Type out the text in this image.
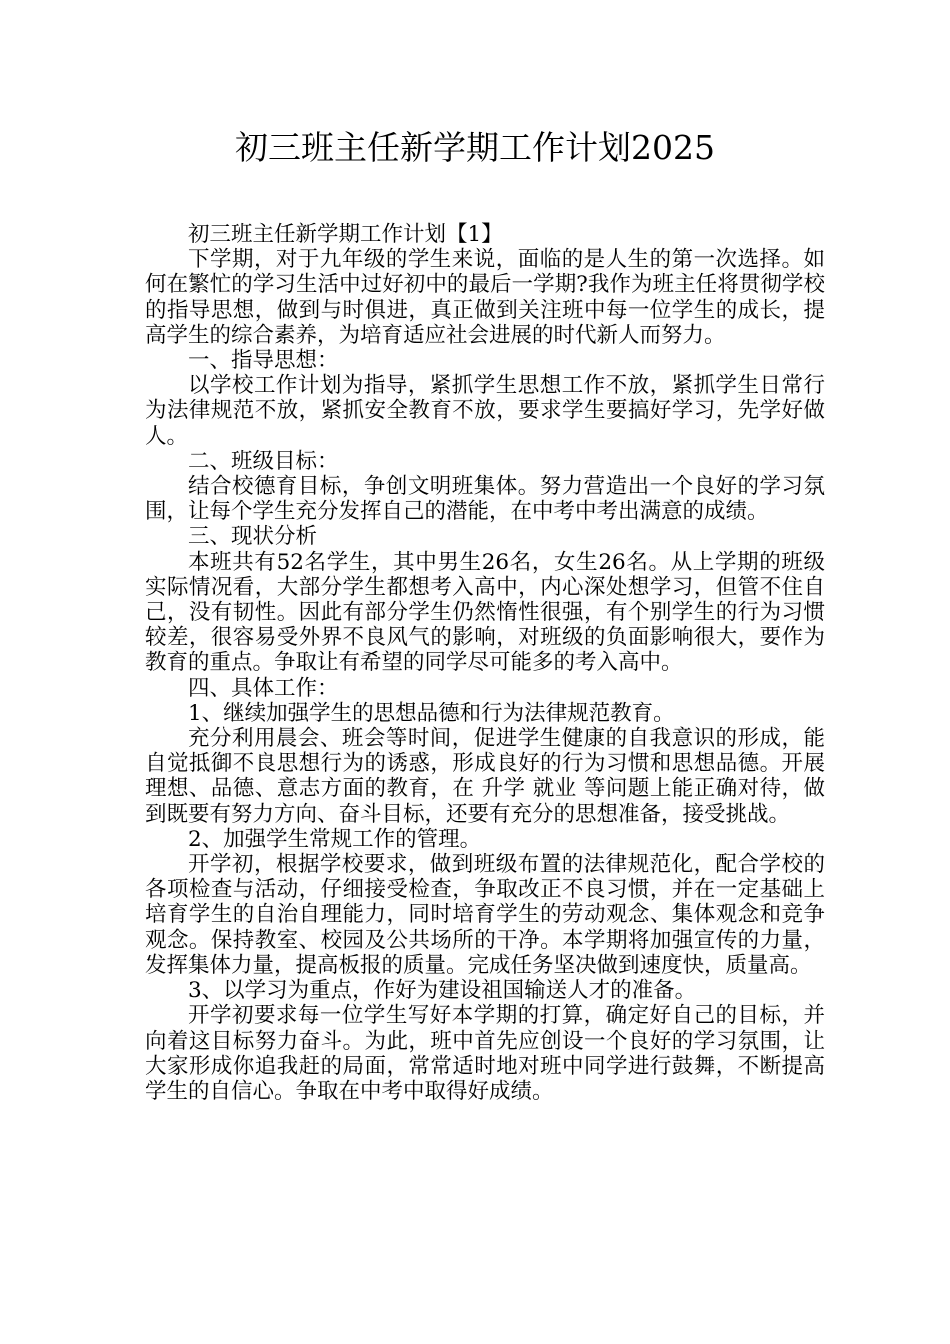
初三班主任新学期工作计划2025

初三班主任新学期工作计划【1】

下学期，对于九年级的学生来说，面临的是人生的第一次选择。如何在繁忙的学习生活中过好初中的最后一学期?我作为班主任将贯彻学校的指导思想，做到与时俱进，真正做到关注班中每一位学生的成长，提高学生的综合素养，为培育适应社会进展的时代新人而努力。

一、指导思想：

以学校工作计划为指导，紧抓学生思想工作不放，紧抓学生日常行为法律规范不放，紧抓安全教育不放，要求学生要搞好学习，先学好做人。

二、班级目标：

结合校德育目标，争创文明班集体。努力营造出一个良好的学习氛围，让每个学生充分发挥自己的潜能，在中考中考出满意的成绩。

三、现状分析

本班共有52名学生，其中男生26名，女生26名。从上学期的班级实际情况看，大部分学生都想考入高中，内心深处想学习，但管不住自己，没有韧性。因此有部分学生仍然惰性很强，有个别学生的行为习惯较差，很容易受外界不良风气的影响，对班级的负面影响很大，要作为教育的重点。争取让有希望的同学尽可能多的考入高中。

四、具体工作：

1、继续加强学生的思想品德和行为法律规范教育。

充分利用晨会、班会等时间，促进学生健康的自我意识的形成，能自觉抵御不良思想行为的诱惑，形成良好的行为习惯和思想品德。开展理想、品德、意志方面的教育，在 升学 就业 等问题上能正确对待，做到既要有努力方向、奋斗目标，还要有充分的思想准备，接受挑战。

2、加强学生常规工作的管理。

开学初，根据学校要求，做到班级布置的法律规范化，配合学校的各项检查与活动，仔细接受检查，争取改正不良习惯，并在一定基础上培育学生的自治自理能力，同时培育学生的劳动观念、集体观念和竞争观念。保持教室、校园及公共场所的干净。本学期将加强宣传的力量，发挥集体力量，提高板报的质量。完成任务坚决做到速度快，质量高。

3、以学习为重点，作好为建设祖国输送人才的准备。

开学初要求每一位学生写好本学期的打算，确定好自己的目标，并向着这目标努力奋斗。为此，班中首先应创设一个良好的学习氛围，让大家形成你追我赶的局面，常常适时地对班中同学进行鼓舞，不断提高学生的自信心。争取在中考中取得好成绩。
